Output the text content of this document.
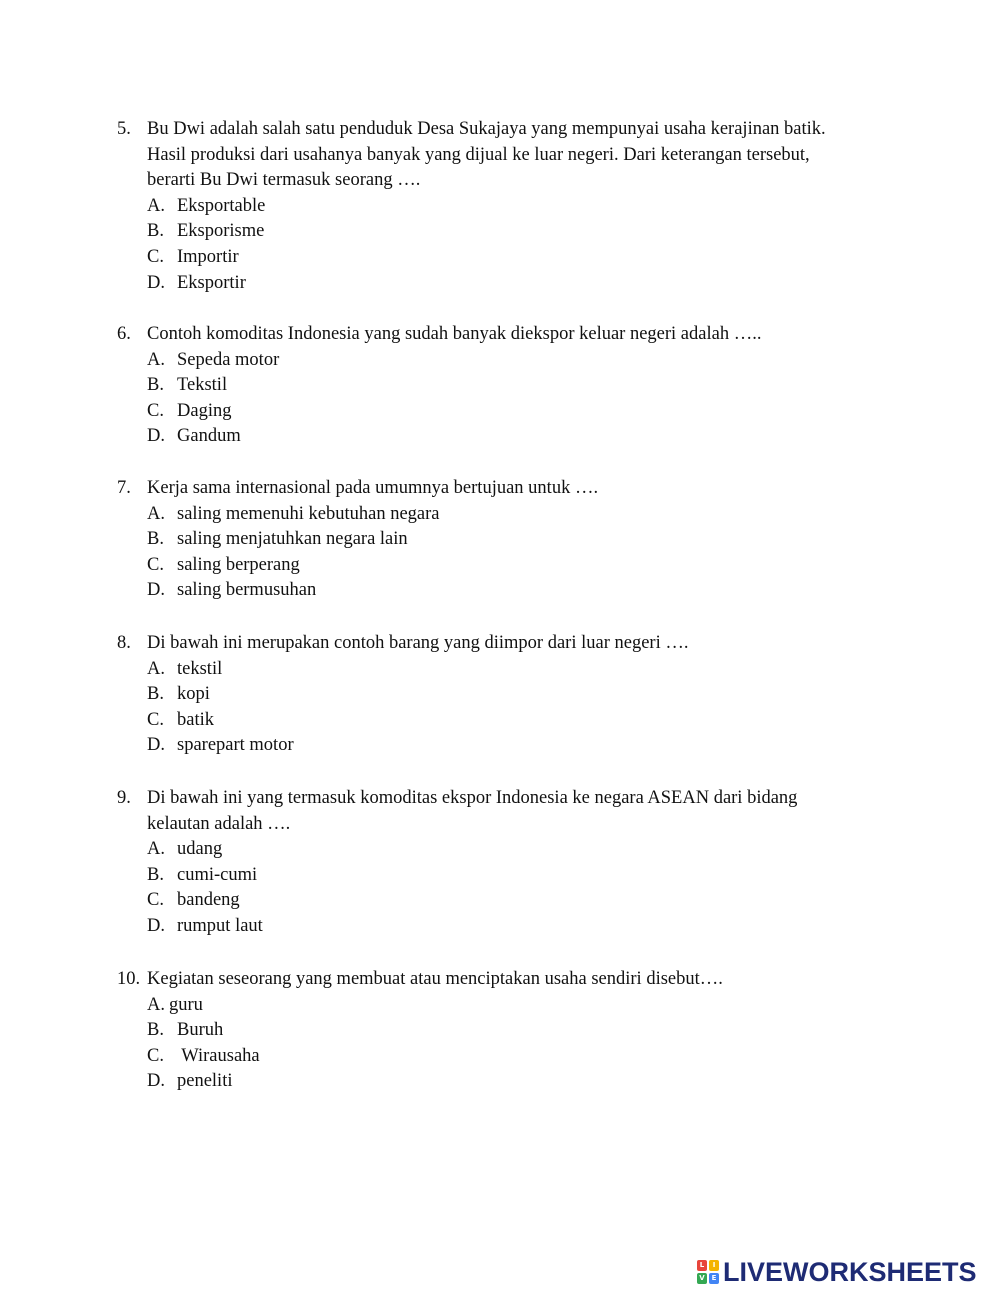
5. Bu Dwi adalah salah satu penduduk Desa Sukajaya yang mempunyai usaha kerajinan batik.
Hasil produksi dari usahanya banyak yang dijual ke luar negeri. Dari keterangan tersebut,
berarti Bu Dwi termasuk seorang ….
A. Eksportable
B. Eksporisme
C. Importir
D. Eksportir
6. Contoh komoditas Indonesia yang sudah banyak diekspor keluar negeri adalah …..
A. Sepeda motor
B. Tekstil
C. Daging
D. Gandum
7. Kerja sama internasional pada umumnya bertujuan untuk ….
A. saling memenuhi kebutuhan negara
B. saling menjatuhkan negara lain
C. saling berperang
D. saling bermusuhan
8. Di bawah ini merupakan contoh barang yang diimpor dari luar negeri ….
A. tekstil
B. kopi
C. batik
D. sparepart motor
9. Di bawah ini yang termasuk komoditas ekspor Indonesia ke negara ASEAN dari bidang
kelautan adalah ….
A. udang
B. cumi-cumi
C. bandeng
D. rumput laut
10. Kegiatan seseorang yang membuat atau menciptakan usaha sendiri disebut….
A. guru
B. Buruh
C. Wirausaha
D. peneliti
L	I
V E LIVEWORKSHEETS
